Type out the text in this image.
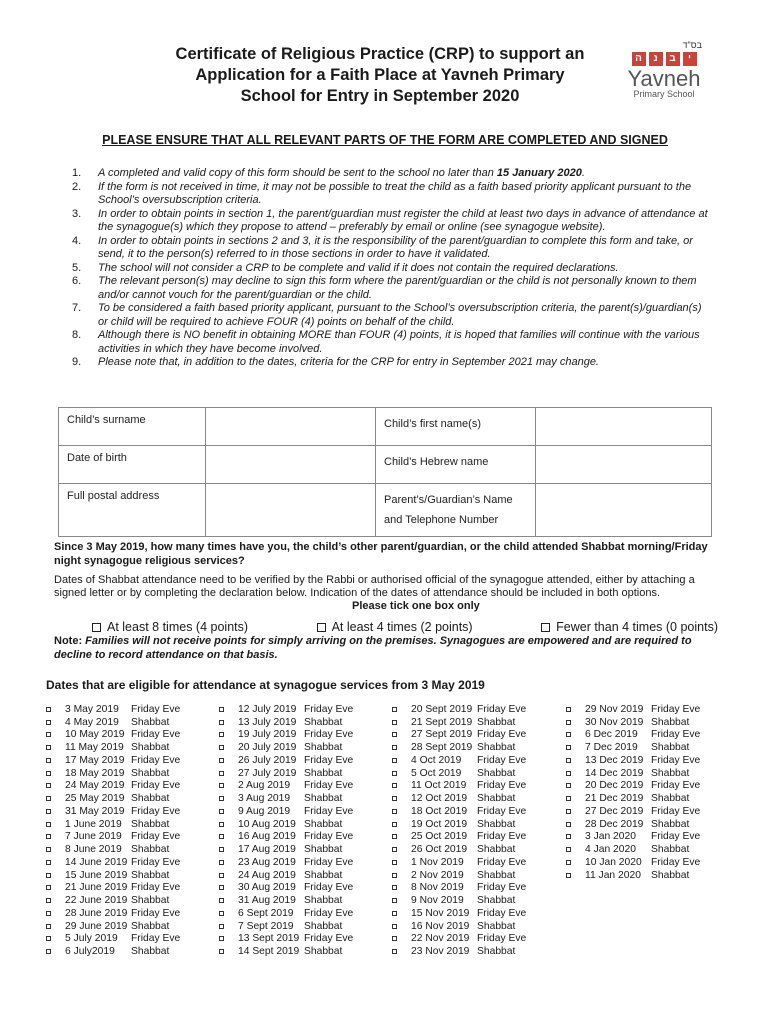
Certificate of Religious Practice (CRP) to support an
Application for a Faith Place at Yavneh Primary
School for Entry in September 2020
בס"ד
ה	נ	ב	י
Yavneh
Primary School
PLEASE ENSURE THAT ALL RELEVANT PARTS OF THE FORM ARE COMPLETED AND SIGNED
1.	A completed and valid copy of this form should be sent to the school no later than 15 January 2020.
2.	If the form is not received in time, it may not be possible to treat the child as a faith based priority applicant pursuant to the School’s oversubscription criteria.
3.	In order to obtain points in section 1, the parent/guardian must register the child at least two days in advance of attendance at the synagogue(s) which they propose to attend – preferably by email or online (see synagogue website).
4.	In order to obtain points in sections 2 and 3, it is the responsibility of the parent/guardian to complete this form and take, or send, it to the person(s) referred to in those sections in order to have it validated.
5.	The school will not consider a CRP to be complete and valid if it does not contain the required declarations.
6.	The relevant person(s) may decline to sign this form where the parent/guardian or the child is not personally known to them and/or cannot vouch for the parent/guardian or the child.
7.	To be considered a faith based priority applicant, pursuant to the School’s oversubscription criteria, the parent(s)/guardian(s) or child will be required to achieve FOUR (4) points on behalf of the child.
8.	Although there is NO benefit in obtaining MORE than FOUR (4) points, it is hoped that families will continue with the various activities in which they have become involved.
9.	Please note that, in addition to the dates, criteria for the CRP for entry in September 2021 may change.
Child’s surname		Child’s first name(s)	
Date of birth		Child’s Hebrew name	
Full postal address		Parent’s/Guardian’s Name
and Telephone Number	
Since 3 May 2019, how many times have you, the child’s other parent/guardian, or the child attended Shabbat morning/Friday night synagogue religious services?
Dates of Shabbat attendance need to be verified by the Rabbi or authorised official of the synagogue attended, either by attaching a signed letter or by completing the declaration below. Indication of the dates of attendance should be included in both options.
Please tick one box only
At least 8 times (4 points)	At least 4 times (2 points)	Fewer than 4 times (0 points)
Note: Families will not receive points for simply arriving on the premises. Synagogues are empowered and are required to decline to record attendance on that basis.
Dates that are eligible for attendance at synagogue services from 3 May 2019
3 May 2019	Friday Eve
4 May 2019	Shabbat
10 May 2019 Friday Eve
11 May 2019 Shabbat
17 May 2019 Friday Eve
18 May 2019 Shabbat
24 May 2019 Friday Eve
25 May 2019 Shabbat
31 May 2019 Friday Eve
1 June 2019 Shabbat
7 June 2019 Friday Eve
8 June 2019 Shabbat
14 June 2019 Friday Eve
15 June 2019 Shabbat
21 June 2019 Friday Eve
22 June 2019 Shabbat
28 June 2019 Friday Eve
29 June 2019 Shabbat
5 July 2019	Friday Eve
6 July2019	Shabbat
12 July 2019 Friday Eve
13 July 2019 Shabbat
19 July 2019 Friday Eve
20 July 2019 Shabbat
26 July 2019 Friday Eve
27 July 2019 Shabbat
2 Aug 2019	Friday Eve
3 Aug 2019	Shabbat
9 Aug 2019	Friday Eve
10 Aug 2019 Shabbat
16 Aug 2019 Friday Eve
17 Aug 2019 Shabbat
23 Aug 2019 Friday Eve
24 Aug 2019 Shabbat
30 Aug 2019 Friday Eve
31 Aug 2019 Shabbat
6 Sept 2019	Friday Eve
7 Sept 2019	Shabbat
13 Sept 2019 Friday Eve
14 Sept 2019 Shabbat
20 Sept 2019 Friday Eve
21 Sept 2019 Shabbat
27 Sept 2019 Friday Eve
28 Sept 2019 Shabbat
4 Oct 2019	Friday Eve
5 Oct 2019	Shabbat
11 Oct 2019	Friday Eve
12 Oct 2019 Shabbat
18 Oct 2019 Friday Eve
19 Oct 2019 Shabbat
25 Oct 2019 Friday Eve
26 Oct 2019 Shabbat
1 Nov 2019	Friday Eve
2 Nov 2019	Shabbat
8 Nov 2019	Friday Eve
9 Nov 2019	Shabbat
15 Nov 2019 Friday Eve
16 Nov 2019 Shabbat
22 Nov 2019 Friday Eve
23 Nov 2019 Shabbat
29 Nov 2019 Friday Eve
30 Nov 2019 Shabbat
6 Dec 2019	Friday Eve
7 Dec 2019	Shabbat
13 Dec 2019 Friday Eve
14 Dec 2019 Shabbat
20 Dec 2019 Friday Eve
21 Dec 2019 Shabbat
27 Dec 2019 Friday Eve
28 Dec 2019 Shabbat
3 Jan 2020	Friday Eve
4 Jan 2020	Shabbat
10 Jan 2020 Friday Eve
11 Jan 2020 Shabbat
